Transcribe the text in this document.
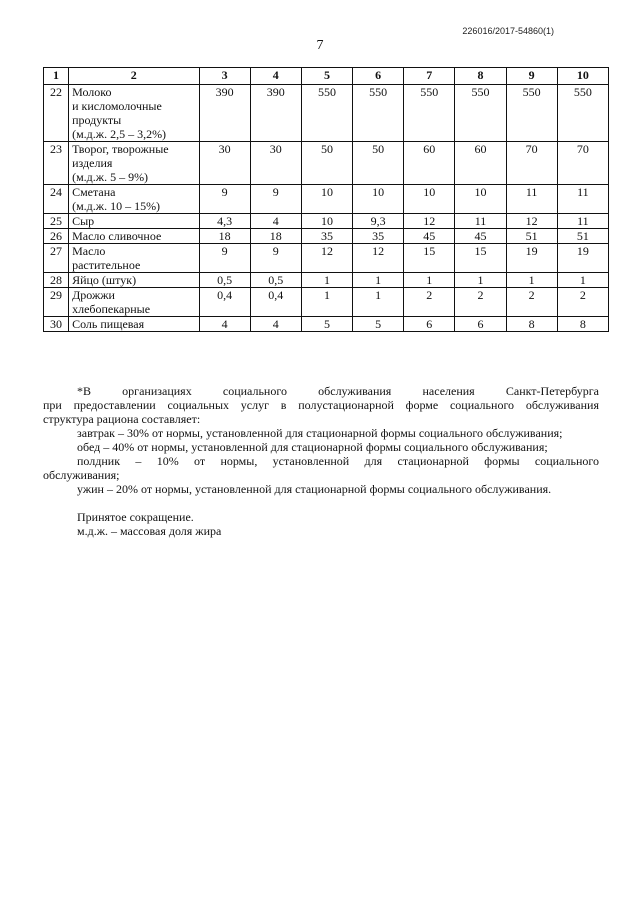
226016/2017-54860(1)
7
1	2	3	4	5	6	7	8	9	10
22	Молоко
и кисломолочные
продукты
(м.д.ж. 2,5 – 3,2%)	390	390	550	550	550	550	550	550
23	Творог, творожные
изделия
(м.д.ж. 5 – 9%)	30	30	50	50	60	60	70	70
24	Сметана
(м.д.ж. 10 – 15%)	9	9	10	10	10	10	11	11
25	Сыр	4,3	4	10	9,3	12	11	12	11
26	Масло сливочное	18	18	35	35	45	45	51	51
27	Масло
растительное	9	9	12	12	15	15	19	19
28	Яйцо (штук)	0,5	0,5	1	1	1	1	1	1
29	Дрожжи
хлебопекарные	0,4	0,4	1	1	2	2	2	2
30	Соль пищевая	4	4	5	5	6	6	8	8

*В организациях социального обслуживания населения Санкт-Петербурга

при предоставлении социальных услуг в полустационарной форме социального обслуживания

структура рациона составляет:

завтрак – 30% от нормы, установленной для стационарной формы социального обслуживания;

обед – 40% от нормы, установленной для стационарной формы социального обслуживания;

полдник – 10% от нормы, установленной для стационарной формы социального

обслуживания;

ужин – 20% от нормы, установленной для стационарной формы социального обслуживания.

Принятое сокращение.

м.д.ж. – массовая доля жира
